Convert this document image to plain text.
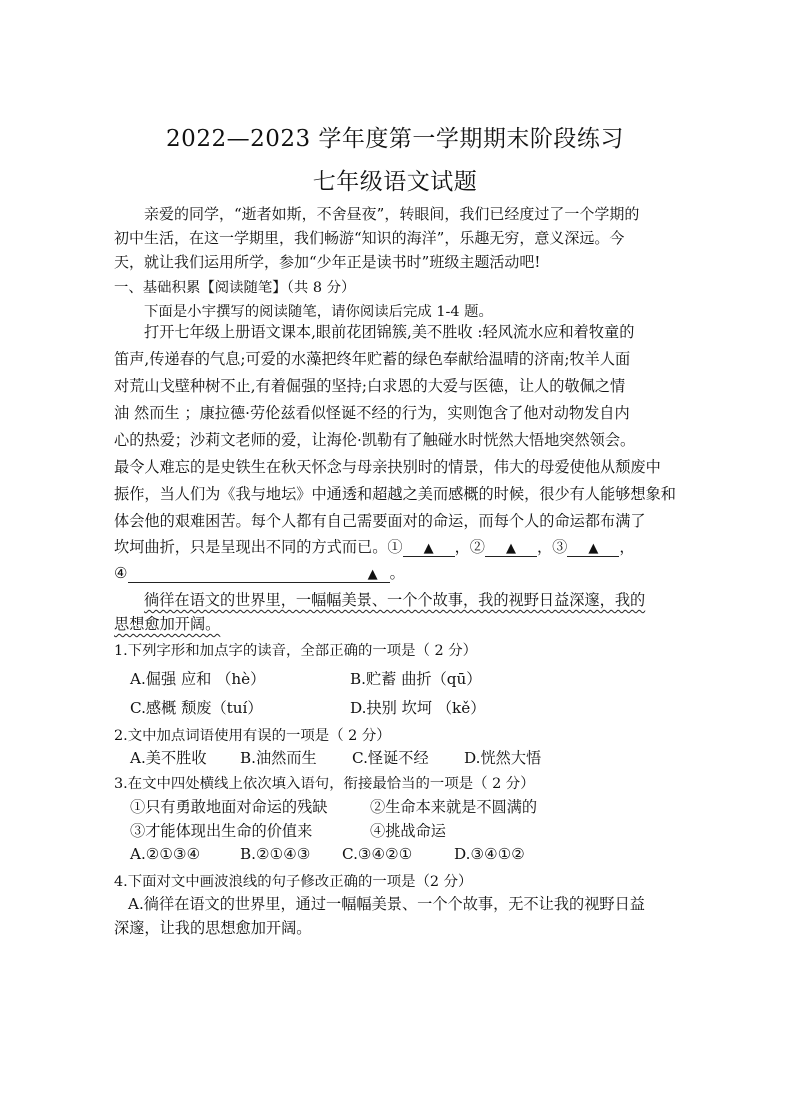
2022—2023 学年度第一学期期末阶段练习
七年级语文试题
亲爱的同学，“逝者如斯，不舍昼夜”，转眼间，我们已经度过了一个学期的
初中生活，在这一学期里，我们畅游“知识的海洋”，乐趣无穷，意义深远。今
天，就让我们运用所学，参加“少年正是读书时”班级主题活动吧!
一、基础积累【阅读随笔】（共 8 分）
下面是小宇撰写的阅读随笔，请你阅读后完成 1-4 题。
打开七年级上册语文课本,眼前花团锦簇,美不胜收 :轻风流水应和着牧童的
笛声,传递春的气息;可爱的水藻把终年贮蓄的绿色奉献给温晴的济南;牧羊人面
对荒山戈壁种树不止,有着倔强的坚持;白求恩的大爱与医德，让人的敬佩之情
油 然而生 ；康拉德·劳伦兹看似怪诞不经的行为，实则饱含了他对动物发自内
心的热爱；沙莉文老师的爱，让海伦·凯勒有了触碰水时恍然大悟地突然领会。
最令人难忘的是史铁生在秋天怀念与母亲抉别时的情景，伟大的母爱使他从颓废中
振作，当人们为《我与地坛》中通透和超越之美而感概的时候，很少有人能够想象和
体会他的艰难困苦。每个人都有自己需要面对的命运，而每个人的命运都布满了
坎坷曲折，只是呈现出不同的方式而已。① ▲ ，② ▲ ，③ ▲ ，
④	▲ 。
徜徉在语文的世界里，一幅幅美景、一个个故事，我的视野日益深邃，我的
思想愈加开阔。
1.下列字形和加点字的读音，全部正确的一项是（ 2 分）
A.倔强 应和 （hè）	B.贮蓄 曲折（qū）
C.感概 颓废（tuí）	D.抉别 坎坷 （kě）
2.文中加点词语使用有误的一项是（ 2 分）
A.美不胜收 B.油然而生 C.怪诞不经 D.恍然大悟
3.在文中四处横线上依次填入语句，衔接最恰当的一项是（ 2 分）
①只有勇敢地面对命运的残缺	②生命本来就是不圆满的
③才能体现出生命的价值来	④挑战命运
A.②①③④	B.②①④③ C.③④②①	D.③④①②
4.下面对文中画波浪线的句子修改正确的一项是（2 分）
A.徜徉在语文的世界里，通过一幅幅美景、一个个故事，无不让我的视野日益
深邃，让我的思想愈加开阔。
